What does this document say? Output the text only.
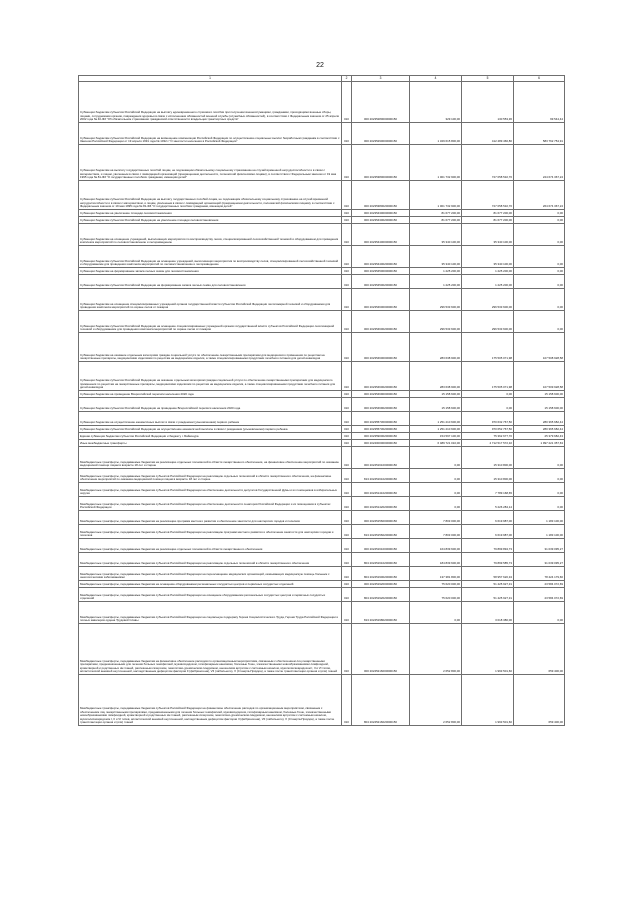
22
1	2	3	4	5	6
Субвенции бюджетам субъектов Российской Федерации на выплату единовременного страхового пособия при получении военнослужащими, гражданами, проходящими военные сборы, лицами, сотрудниками органов, повреждения здоровья в связи с исполнением обязанностей военной службы (служебных обязанностей), в соответствии с Федеральным законом от 25 апреля 2002 года № 40-ФЗ "Об обязательном страховании гражданской ответственности владельцев транспортных средств"	010	000 20235280000000150	329 100,00	130 553,36	99 544,44
Субвенции бюджетам субъектов Российской Федерации на возмещение компенсации Российской Федерации по осуществлению социальных выплат безработным гражданам в соответствии с Законом Российской Федерации от 19 апреля 1991 года № 1032-I "О занятости населения в Российской Федерации"	010	000 20235290000000150	1 329 615 800,00	412 489 466,80	583 762 754,91
Субвенции бюджетам на выплату государственных пособий лицам, не подлежащим обязательному социальному страхованию на случай временной нетрудоспособности и в связи с материнством, и лицам, уволенным в связи с ликвидацией организаций (прекращением деятельности, полномочий физическими лицами), в соответствии с Федеральным законом от 19 мая 1995 года № 81-ФЗ "О государственных пособиях гражданам, имеющим детей"	010	000 20235380000000150	1 001 732 900,00	727 058 532,76	224 674 367,24
Субвенции бюджетам субъектов Российской Федерации на выплату государственных пособий лицам, не подлежащим обязательному социальному страхованию на случай временной нетрудоспособности и в связи с материнством, и лицам, уволенным в связи с ликвидацией организаций (прекращением деятельности, полномочий физическими лицами), в соответствии с Федеральным законом от 19 мая 1995 года № 81-ФЗ "О государственных пособиях гражданам, имеющим детей"	010	000 20235380020000150	1 001 732 900,00	727 058 532,76	264 674 367,24
Субвенции бюджетам на увеличение площади лесовосстановления	010	000 20235430000000150	81 677 200,00	81 677 200,00	0,00
Субвенции бюджетам субъектов Российской Федерации на увеличение площади лесовосстановления	010	000 20235430020000150	81 677 200,00	81 677 200,00	0,00
Субвенции бюджетам на оснащение учреждений, выполняющих мероприятия по воспроизводству лесов, специализированной лесохозяйственной техникой и оборудованием для проведения комплекса мероприятий по лесовосстановлению и лесоразведению	010	000 20235440000000150	35 340 100,00	35 340 100,00	0,00
Субвенции бюджетам субъектов Российской Федерации на оснащение учреждений, выполняющих мероприятия по воспроизводству лесов, специализированной лесохозяйственной техникой и оборудованием для проведения комплекса мероприятий по лесовосстановлению и лесоразведению	010	000 20235440020000150	35 340 100,00	35 340 100,00	0,00
Субвенции бюджетам на формирование запаса лесных семян для лесовосстановления	010	000 20235450000000150	1 225 200,00	1 225 200,00	0,00
Субвенции бюджетам субъектов Российской Федерации на формирование запаса лесных семян для лесовосстановления	010	000 20235450020000150	1 225 200,00	1 225 200,00	0,00
Субвенции бюджетам на оснащение специализированных учреждений органов государственной власти субъектов Российской Федерации лесопожарной техникой и оборудованием для проведения комплекса мероприятий по охране лесов от пожаров	010	000 20235460000000150	296 533 600,00	296 533 600,00	0,00
Субвенции бюджетам субъектов Российской Федерации на оснащение специализированных учреждений органов государственной власти субъектов Российской Федерации лесопожарной техникой и оборудованием для проведения комплекса мероприятий по охране лесов от пожаров	010	000 20235460020000150	296 533 600,00	296 533 600,00	0,00
Субвенции бюджетам на оказание отдельным категориям граждан социальной услуги по обеспечению лекарственными препаратами для медицинского применения по рецептам на лекарственные препараты, медицинскими изделиями по рецептам на медицинские изделия, а также специализированными продуктами лечебного питания для детей-инвалидов	010	000 20235460000000150	283 638 900,00	175 505 071,98	107 508 928,58
Субвенции бюджетам субъектов Российской Федерации на оказание отдельным категориям граждан социальной услуги по обеспечению лекарственными препаратами для медицинского применения по рецептам на лекарственные препараты, медицинскими изделиями по рецептам на медицинские изделия, а также специализированными продуктами лечебного питания для детей-инвалидов	010	000 20235460020000150	283 638 900,00	175 505 071,98	107 509 928,58
Субвенции бюджетам на проведение Всероссийской переписи населения 2020 года	010	000 20235469000000150	15 158 600,00	0,00	15 158 600,00
Субвенции бюджетам субъектов Российской Федерации на проведение Всероссийской переписи населения 2020 года	010	000 20235469020000150	15 158 600,00	0,00	15 158 600,00
Субвенции бюджетам на осуществление ежемесячных выплат в связи с рождением (усыновлением) первого ребенка	010	000 20235573000000150	1 251 210 600,00	970 632 767,50	280 365 682,44
Субвенции бюджетам субъектов Российской Федерации на осуществление ежемесячной выплаты в связи с рождением (усыновлением) первого ребенка	010	000 20235573020000150	1 251 210 600,00	970 652 767,50	280 365 682,44
Единая субвенция бюджетам субъектов Российской Федерации и бюджету г. Байконура	010	000 20235900020000150	154 597 100,00	75 362 677,70	25 379 682,43
Иные межбюджетные трансферты	010	000 20240000000000150	6 489 721 010,00	4 712 517 572,32	1 997 221 357,63
Межбюджетные трансферты, передаваемые бюджетам на реализацию отдельных полномочий в области лекарственного обеспечения, на финансовое обеспечение мероприятий по оказанию медицинской помощи лицам в возрасте 18 лет и старше	010	000 20245161000000150	0,00	15 310 800,00	0,00
Межбюджетные трансферты, передаваемые бюджетам субъектов Российской Федерации на реализацию отдельных полномочий в области лекарственного обеспечения, на финансовое обеспечение мероприятий по оказанию медицинской помощи лицам в возрасте 18 лет и старше	010	813 20245161020000150	0,00	15 310 800,00	0,00
Межбюджетные трансферты, передаваемые бюджетам субъектов Российской Федерации на обеспечение деятельности депутатов Государственной Думы и их помощников в избирательных округах	010	000 20245141020000150	0,00	7 789 168,65	0,00
Межбюджетные трансферты, передаваемые бюджетам субъектов Российской Федерации на обеспечение деятельности сенаторов Российской Федерации и их помощников в субъектах Российской Федерации	010	000 20245142020000150	0,00	5 226 284,14	0,00
Межбюджетные трансферты, передаваемые бюджетам на реализацию программ местного развития и обеспечение занятости для шахтерских городов и поселков	010	000 20245156000000150	7 803 000,00	6 619 987,00	1 183 100,00
Межбюджетные трансферты, передаваемые бюджетам субъектов Российской Федерации на реализацию программ местного развития и обеспечение занятости для шахтерских городов и поселков	010	813 20245156020000150	7 803 000,00	6 619 987,00	1 183 100,00
Межбюджетные трансферты, передаваемые бюджетам на реализацию отдельных полномочий в области лекарственного обеспечения	010	000 20245161000000150	164 839 600,00	79 899 894,73	31 039 095,27
Межбюджетные трансферты, передаваемые бюджетам субъектов Российской Федерации на реализацию отдельных полномочий в области лекарственного обеспечения	010	804 20245161020000150	184 839 600,00	79 899 585,73	31 039 095,27
Межбюджетные трансферты, передаваемые бюджетам субъектов Российской Федерации на переоснащение медицинских организаций, оказывающих медицинскую помощь больным с онкологическими заболеваниями	010	804 20245190020000150	137 381 800,00	58 957 620,34	78 424 179,66
Межбюджетные трансферты, передаваемые бюджетам на оснащение оборудованием региональных сосудистых центров и первичных сосудистых отделений	010	000 20245192000000150	75 620 000,00	51 425 927,31	23 584 072,69
Межбюджетные трансферты, передаваемые бюджетам субъектов Российской Федерации на оснащение оборудованием региональных сосудистых центров и первичных сосудистых отделений	010	804 20245192020000150	75 620 000,00	51 425 927,31	23 584 072,69
Межбюджетные трансферты, передаваемые бюджетам субъектов Российской Федерации на социальную поддержку Героев Социалистического Труда, Героев Труда Российской Федерации и полных кавалеров ордена Трудовой Славы	010	813 20245198020000150	0,00	3 018 380,00	0,00
Межбюджетные трансферты, передаваемые бюджетам на финансовое обеспечение расходов по организационным мероприятиям, связанным с обеспечением лиц лекарственными препаратами, предназначенными для лечения больных гемофилией, муковисцидозом, гипофизарным нанизмом, болезнью Гоше, злокачественными новообразованиями лимфоидной, кроветворной и родственных им тканей, рассеянным склерозом, гемолитико-уремическим синдромом, юношеским артритом с системным началом, мукополисахаридозом I, II и VI типов, апластической анемией неуточненной, наследственным дефицитом факторов II (фибриногена), VII (лабильного), X (Стюарта-Прауэра), а также после трансплантации органов и (или) тканей	010	000 20245216000000150	2 652 800,00	1 993 501,60	659 400,00
Межбюджетные трансферты, передаваемые бюджетам субъектов Российской Федерации на финансовое обеспечение расходов по организационным мероприятиям, связанным с обеспечением лиц лекарственными препаратами, предназначенными для лечения больных гемофилией, муковисцидозом, гипофизарным нанизмом, болезнью Гоше, злокачественными новообразованиями лимфоидной, кроветворной и родственных им тканей, рассеянным склерозом, гемолитико-уремическим синдромом, юношеским артритом с системным началом, мукополисахаридозом I, II и VI типов, апластической анемией неуточненной, наследственным дефицитом факторов II (фибриногена), VII (лабильного), X (Стюарта-Прауэра), а также после трансплантации органов и (или) тканей	010	804 20245216020000150	2 652 800,00	1 993 501,60	659 400,00
